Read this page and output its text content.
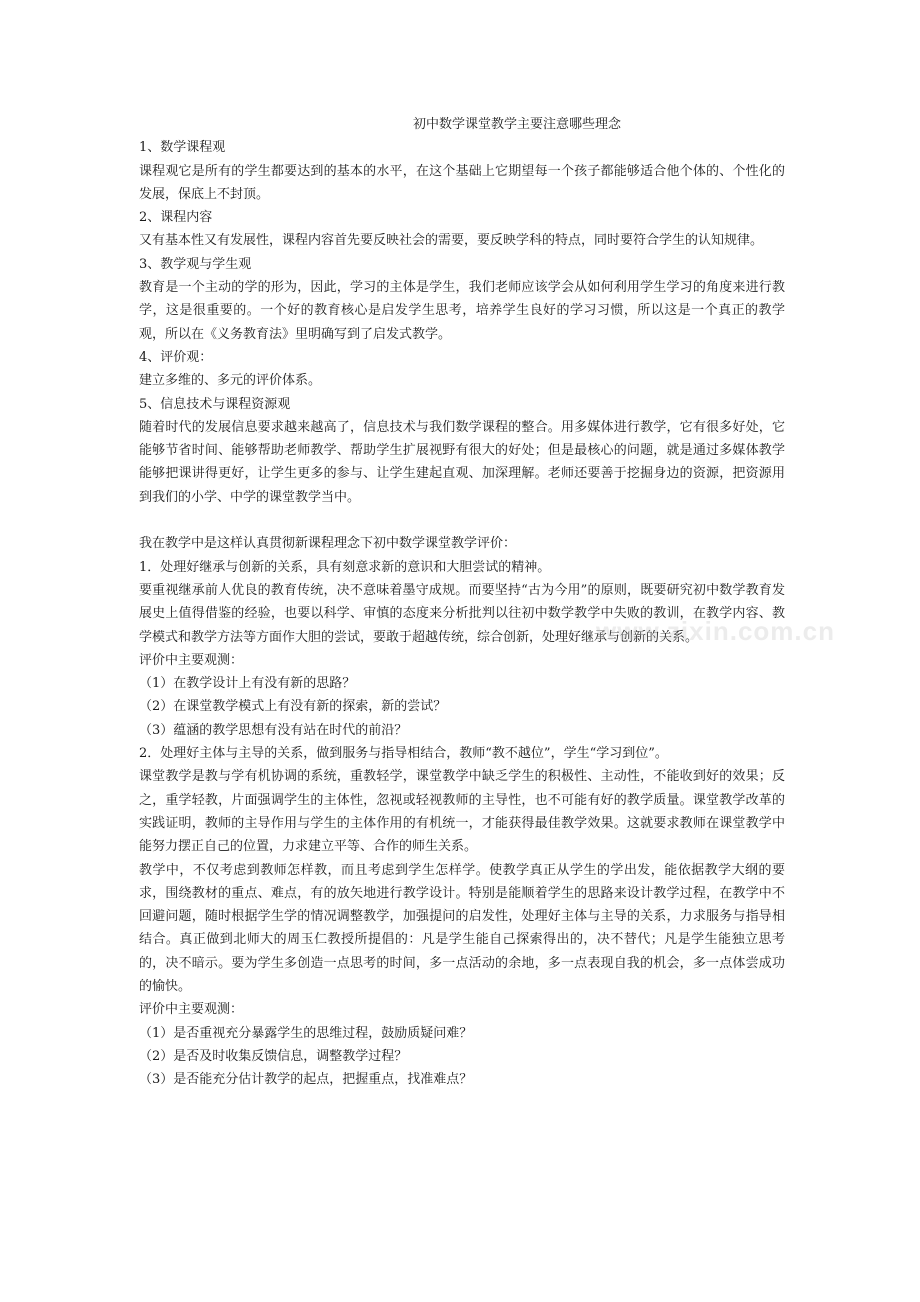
初中数学课堂教学主要注意哪些理念

1、数学课程观

课程观它是所有的学生都要达到的基本的水平，在这个基础上它期望每一个孩子都能够适合他个体的、个性化的发展，保底上不封顶。

2、课程内容

又有基本性又有发展性，课程内容首先要反映社会的需要，要反映学科的特点，同时要符合学生的认知规律。

3、教学观与学生观

教育是一个主动的学的形为，因此，学习的主体是学生，我们老师应该学会从如何利用学生学习的角度来进行教学，这是很重要的。一个好的教育核心是启发学生思考，培养学生良好的学习习惯，所以这是一个真正的教学观，所以在《义务教育法》里明确写到了启发式教学。

4、评价观：

建立多维的、多元的评价体系。

5、信息技术与课程资源观

随着时代的发展信息要求越来越高了，信息技术与我们数学课程的整合。用多媒体进行教学，它有很多好处，它能够节省时间、能够帮助老师教学、帮助学生扩展视野有很大的好处；但是最核心的问题，就是通过多媒体教学能够把课讲得更好，让学生更多的参与、让学生建起直观、加深理解。老师还要善于挖掘身边的资源，把资源用到我们的小学、中学的课堂教学当中。

我在教学中是这样认真贯彻新课程理念下初中数学课堂教学评价：

1．处理好继承与创新的关系，具有刻意求新的意识和大胆尝试的精神。

要重视继承前人优良的教育传统，决不意味着墨守成规。而要坚持“古为今用”的原则，既要研究初中数学教育发展史上值得借鉴的经验，也要以科学、审慎的态度来分析批判以往初中数学教学中失败的教训，在教学内容、教学模式和教学方法等方面作大胆的尝试，要敢于超越传统，综合创新，处理好继承与创新的关系。

评价中主要观测：

（1）在教学设计上有没有新的思路？

（2）在课堂教学模式上有没有新的探索，新的尝试？

（3）蕴涵的教学思想有没有站在时代的前沿？

2．处理好主体与主导的关系，做到服务与指导相结合，教师“教不越位”，学生“学习到位”。

课堂教学是教与学有机协调的系统，重教轻学，课堂教学中缺乏学生的积极性、主动性，不能收到好的效果；反之，重学轻教，片面强调学生的主体性，忽视或轻视教师的主导性，也不可能有好的教学质量。课堂教学改革的实践证明，教师的主导作用与学生的主体作用的有机统一，才能获得最佳教学效果。这就要求教师在课堂教学中能努力摆正自己的位置，力求建立平等、合作的师生关系。

教学中，不仅考虑到教师怎样教，而且考虑到学生怎样学。使教学真正从学生的学出发，能依据教学大纲的要求，围绕教材的重点、难点，有的放矢地进行教学设计。特别是能顺着学生的思路来设计教学过程，在教学中不回避问题，随时根据学生学的情况调整教学，加强提问的启发性，处理好主体与主导的关系，力求服务与指导相结合。真正做到北师大的周玉仁教授所提倡的：凡是学生能自己探索得出的，决不替代；凡是学生能独立思考的，决不暗示。要为学生多创造一点思考的时间，多一点活动的余地，多一点表现自我的机会，多一点体尝成功的愉快。

评价中主要观测：

（1）是否重视充分暴露学生的思维过程，鼓励质疑问难？

（2）是否及时收集反馈信息，调整教学过程？

（3）是否能充分估计教学的起点，把握重点，找准难点？

www.zixin.com.cn
